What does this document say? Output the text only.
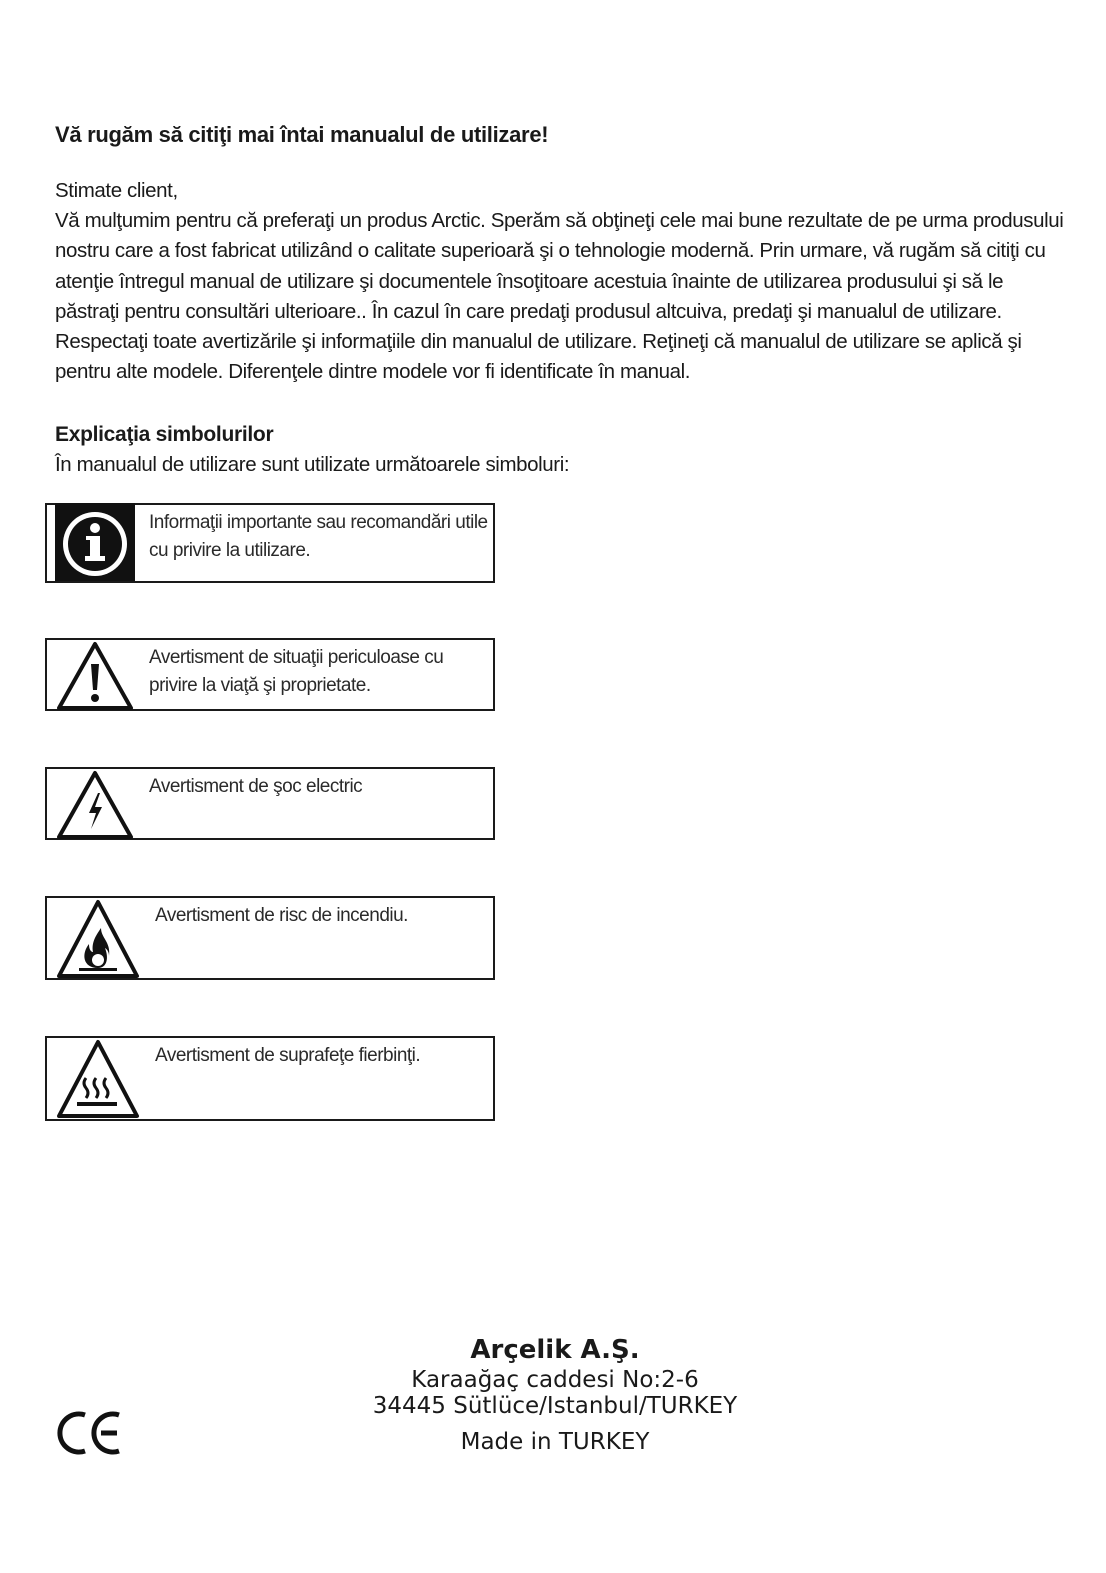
Vă rugăm să citiţi mai întai manualul de utilizare!

Stimate client,

Vă mulţumim pentru că preferaţi un produs Arctic. Sperăm să obţineţi cele mai bune rezultate de pe urma produsului nostru care a fost fabricat utilizând o calitate superioară şi o tehnologie modernă. Prin urmare, vă rugăm să citiţi cu atenţie întregul manual de utilizare şi documentele însoţitoare acestuia înainte de utilizarea produsului şi să le păstraţi pentru consultări ulterioare.. În cazul în care predaţi produsul altcuiva, predaţi şi manualul de utilizare. Respectaţi toate avertizările şi informaţiile din manualul de utilizare. Reţineţi că manualul de utilizare se aplică şi pentru alte modele. Diferenţele dintre modele vor fi identificate în manual.

Explicaţia simbolurilor

În manualul de utilizare sunt utilizate următoarele simboluri:

Informaţii importante sau recomandări utile cu privire la utilizare.
Avertisment de situaţii periculoase cu privire la viaţă şi proprietate.
Avertisment de şoc electric
Avertisment de risc de incendiu.
Avertisment de suprafeţe fierbinţi.
Arçelik A.Ş.
Karaağaç caddesi No:2-6
34445 Sütlüce/Istanbul/TURKEY
Made in TURKEY
